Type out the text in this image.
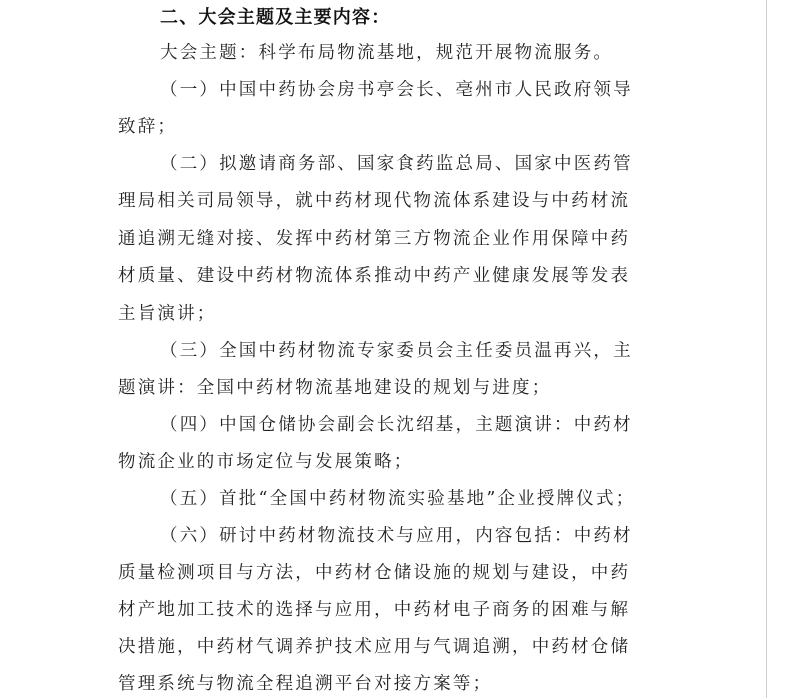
二、大会主题及主要内容：
大会主题：科学布局物流基地，规范开展物流服务。
（一）中国中药协会房书亭会长、亳州市人民政府领导
致辞；
（二）拟邀请商务部、国家食药监总局、国家中医药管
理局相关司局领导，就中药材现代物流体系建设与中药材流
通追溯无缝对接、发挥中药材第三方物流企业作用保障中药
材质量、建设中药材物流体系推动中药产业健康发展等发表
主旨演讲；
（三）全国中药材物流专家委员会主任委员温再兴，主
题演讲：全国中药材物流基地建设的规划与进度；
（四）中国仓储协会副会长沈绍基，主题演讲：中药材
物流企业的市场定位与发展策略；
（五）首批“全国中药材物流实验基地”企业授牌仪式；
（六）研讨中药材物流技术与应用，内容包括：中药材
质量检测项目与方法，中药材仓储设施的规划与建设，中药
材产地加工技术的选择与应用，中药材电子商务的困难与解
决措施，中药材气调养护技术应用与气调追溯，中药材仓储
管理系统与物流全程追溯平台对接方案等；
